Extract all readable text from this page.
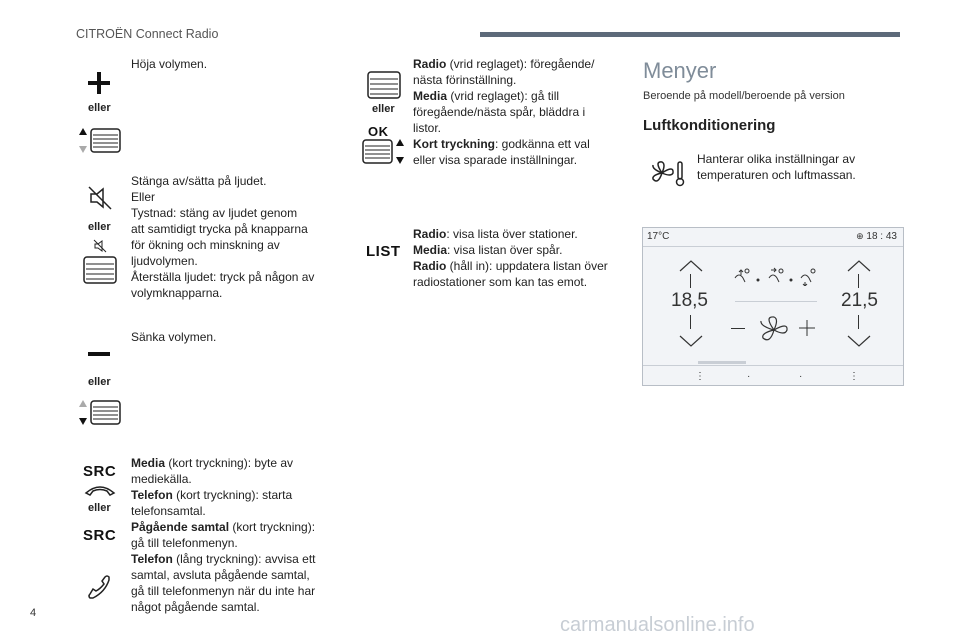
CITROËN Connect Radio
eller
Höja volymen.
eller
Stänga av/sätta på ljudet.
Eller
Tystnad: stäng av ljudet genom
att samtidigt trycka på knapparna
för ökning och minskning av
ljudvolymen.
Återställa ljudet: tryck på någon av
volymknapparna.
eller
Sänka volymen.
SRC
eller
SRC
Media (kort tryckning): byte av
mediekälla.
Telefon (kort tryckning): starta
telefonsamtal.
Pågående samtal (kort tryckning):
gå till telefonmenyn.
Telefon (lång tryckning): avvisa ett
samtal, avsluta pågående samtal,
gå till telefonmenyn när du inte har
något pågående samtal.
eller
OK
Radio (vrid reglaget): föregående/
nästa förinställning.
Media (vrid reglaget): gå till
föregående/nästa spår, bläddra i
listor.
Kort tryckning: godkänna ett val
eller visa sparade inställningar.
LIST
Radio: visa lista över stationer.
Media: visa listan över spår.
Radio (håll in): uppdatera listan över
radiostationer som kan tas emot.
Menyer
Beroende på modell/beroende på version
Luftkonditionering
Hanterar olika inställningar av temperaturen och luftmassan.
17°C	⊕ 18 : 43
18,5	21,5
⋮	·	·	⋮
4
carmanualsonline.info
